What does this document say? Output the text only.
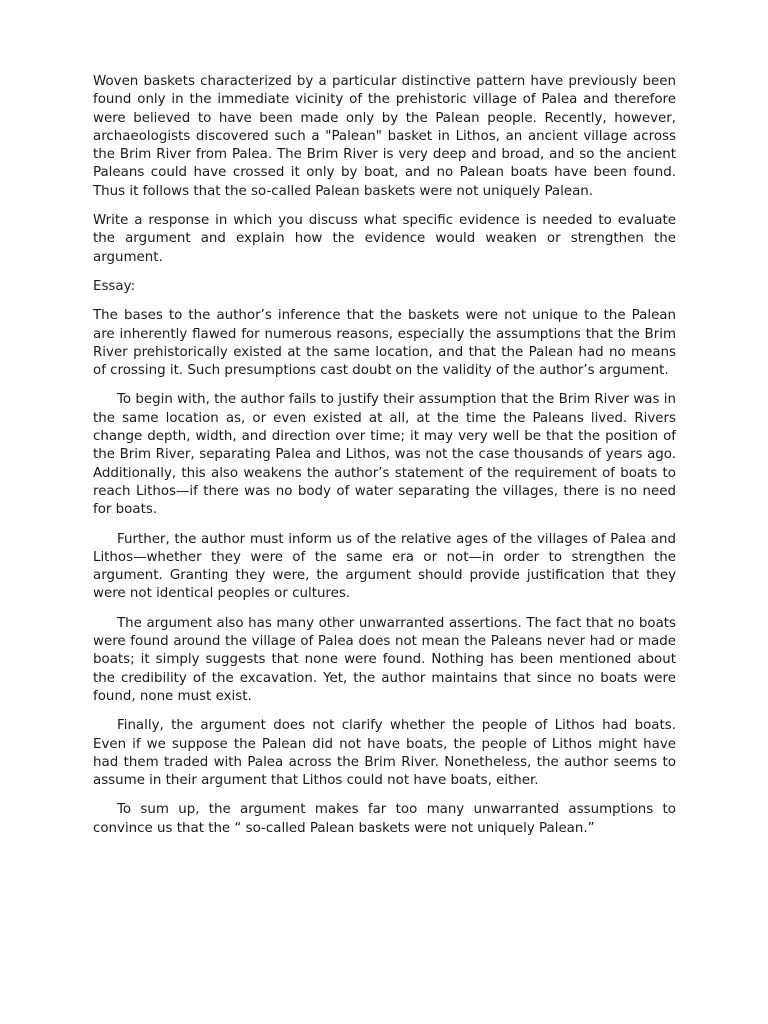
Woven baskets characterized by a particular distinctive pattern have previously been found only in the immediate vicinity of the prehistoric village of Palea and therefore were believed to have been made only by the Palean people. Recently, however, archaeologists discovered such a "Palean" basket in Lithos, an ancient village across the Brim River from Palea. The Brim River is very deep and broad, and so the ancient Paleans could have crossed it only by boat, and no Palean boats have been found. Thus it follows that the so-called Palean baskets were not uniquely Palean.

Write a response in which you discuss what specific evidence is needed to evaluate the argument and explain how the evidence would weaken or strengthen the argument.

Essay:

The bases to the author’s inference that the baskets were not unique to the Palean are inherently flawed for numerous reasons, especially the assumptions that the Brim River prehistorically existed at the same location, and that the Palean had no means of crossing it. Such presumptions cast doubt on the validity of the author’s argument.

To begin with, the author fails to justify their assumption that the Brim River was in the same location as, or even existed at all, at the time the Paleans lived. Rivers change depth, width, and direction over time; it may very well be that the position of the Brim River, separating Palea and Lithos, was not the case thousands of years ago. Additionally, this also weakens the author’s statement of the requirement of boats to reach Lithos—if there was no body of water separating the villages, there is no need for boats.

Further, the author must inform us of the relative ages of the villages of Palea and Lithos—whether they were of the same era or not—in order to strengthen the argument. Granting they were, the argument should provide justification that they were not identical peoples or cultures.

The argument also has many other unwarranted assertions. The fact that no boats were found around the village of Palea does not mean the Paleans never had or made boats; it simply suggests that none were found. Nothing has been mentioned about the credibility of the excavation. Yet, the author maintains that since no boats were found, none must exist.

Finally, the argument does not clarify whether the people of Lithos had boats. Even if we suppose the Palean did not have boats, the people of Lithos might have had them traded with Palea across the Brim River. Nonetheless, the author seems to assume in their argument that Lithos could not have boats, either.

To sum up, the argument makes far too many unwarranted assumptions to convince us that the “ so-called Palean baskets were not uniquely Palean.”
